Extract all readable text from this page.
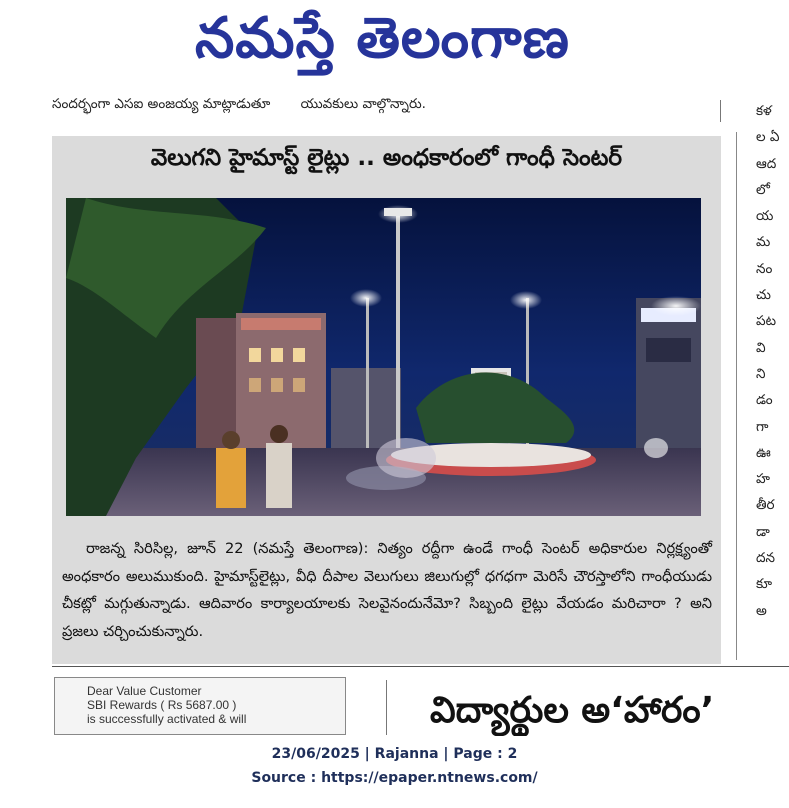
నమస్తే తెలంగాణ
సందర్భంగా ఎసఐ అంజయ్య మాట్లాడుతూ యువకులు వాల్గొన్నారు.	కళ
ల ఏ
ఆద
లో
య
మ
నం
చు
పట
వి
ని
డం
గా
ఊ
హ
తీర
డా
దన
కూ
అ
వెలుగని హైమాస్ట్ లైట్లు .. అంధకారంలో గాంధీ సెంటర్

రాజన్న సిరిసిల్ల, జూన్ 22 (నమస్తే తెలంగాణ): నిత్యం రద్దీగా ఉండే గాంధీ సెంటర్ అధికారుల నిర్లక్ష్యంతో అంధకారం అలుముకుంది. హైమాస్ట్‌లైట్లు, వీధి దీపాల వెలుగులు జిలుగుల్లో ధగధగా మెరిసే చౌరస్తాలోని గాంధీయుడు చీకట్లో మగ్గుతున్నాడు. ఆదివారం కార్యాలయాలకు సెలవైనందునేమో? సిబ్బంది లైట్లు వేయడం మరిచారా ? అని ప్రజలు చర్చించుకున్నారు.

Dear Value Customer
SBI Rewards ( Rs 5687.00 )
is successfully activated & will	విద్యార్థుల అ‘హారం’
23/06/2025 | Rajanna | Page : 2
Source : https://epaper.ntnews.com/
